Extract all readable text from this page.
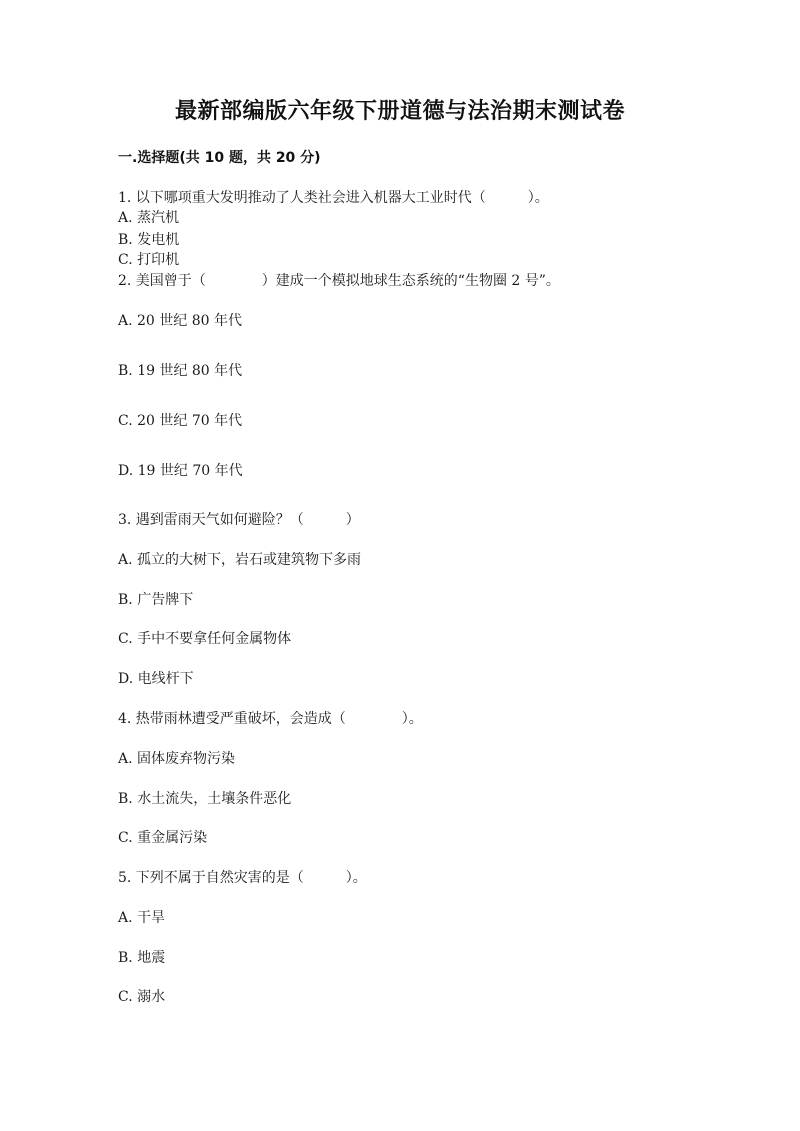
最新部编版六年级下册道德与法治期末测试卷
一.选择题(共 10 题，共 20 分)
1. 以下哪项重大发明推动了人类社会进入机器大工业时代（　　　）。
A. 蒸汽机
B. 发电机
C. 打印机
2. 美国曾于（　　　　）建成一个模拟地球生态系统的“生物圈 2 号”。
A. 20 世纪 80 年代
B. 19 世纪 80 年代
C. 20 世纪 70 年代
D. 19 世纪 70 年代
3. 遇到雷雨天气如何避险？（　　　）
A. 孤立的大树下，岩石或建筑物下多雨
B. 广告牌下
C. 手中不要拿任何金属物体
D. 电线杆下
4. 热带雨林遭受严重破坏，会造成（　　　　）。
A. 固体废弃物污染
B. 水土流失，土壤条件恶化
C. 重金属污染
5. 下列不属于自然灾害的是（　　　）。
A. 干旱
B. 地震
C. 溺水
